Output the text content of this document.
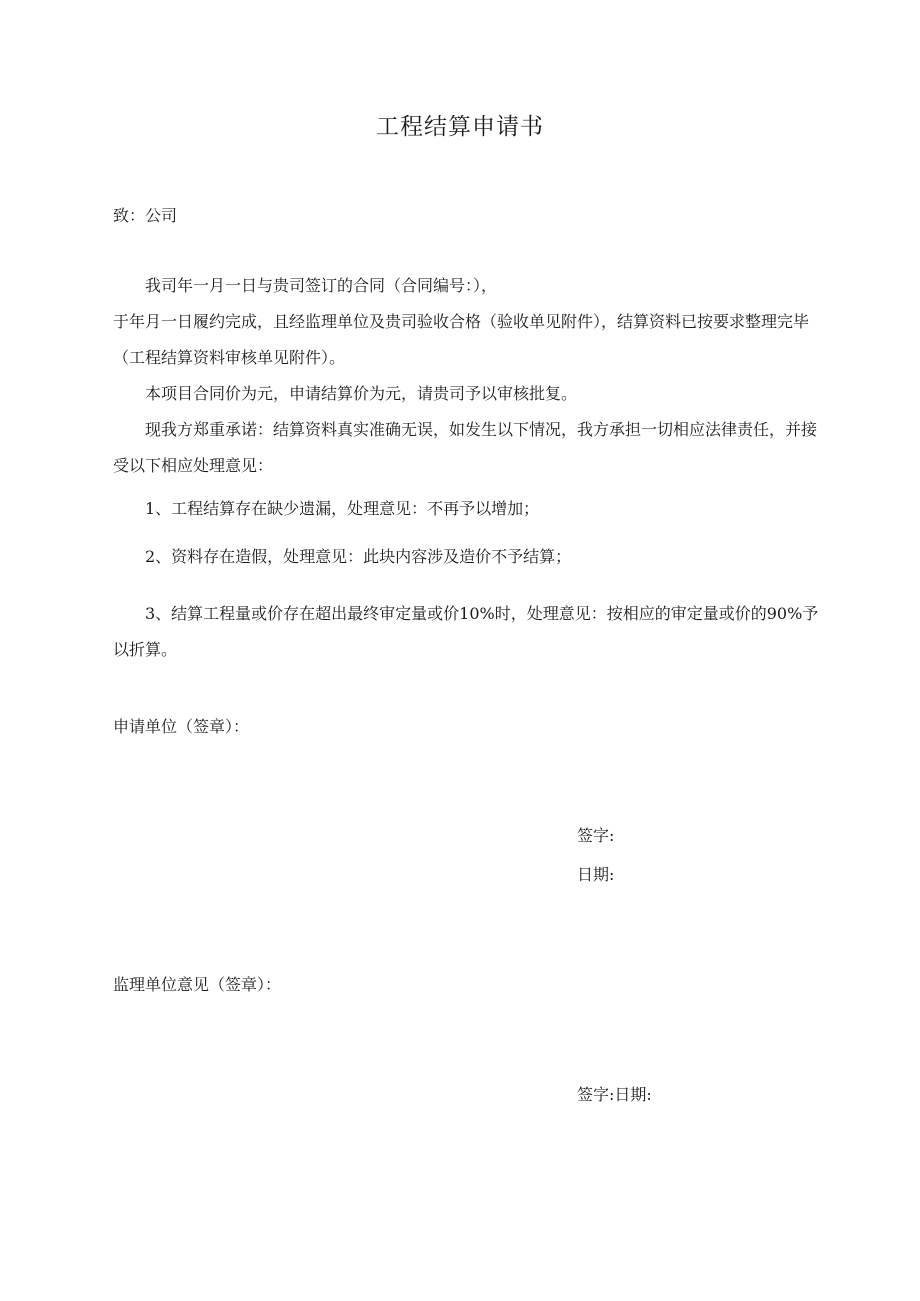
工程结算申请书
致：公司
我司年一月一日与贵司签订的合同（合同编号：），
于年月一日履约完成，且经监理单位及贵司验收合格（验收单见附件），结算资料已按要求整理完毕（工程结算资料审核单见附件）。
本项目合同价为元，申请结算价为元，请贵司予以审核批复。
现我方郑重承诺：结算资料真实准确无误，如发生以下情况，我方承担一切相应法律责任，并接受以下相应处理意见：
1、工程结算存在缺少遗漏，处理意见：不再予以增加；
2、资料存在造假，处理意见：此块内容涉及造价不予结算；
3、结算工程量或价存在超出最终审定量或价10%时，处理意见：按相应的审定量或价的90%予以折算。
申请单位（签章）：
签字:
日期:
监理单位意见（签章）：
签字:日期:
